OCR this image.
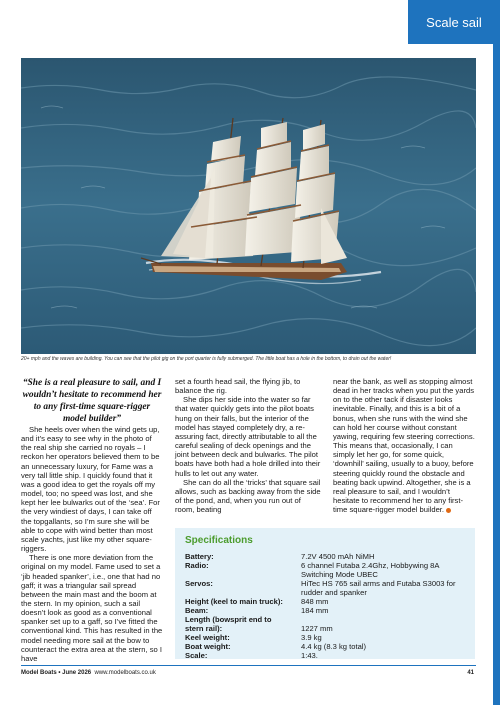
Scale sail
20+ mph and the waves are building. You can see that the pilot gig on the port quarter is fully submerged. The little boat has a hole in the bottom, to drain out the water!

“She is a real pleasure to sail, and I wouldn’t hesitate to recommend her to any first-time square-rigger model builder”

She heels over when the wind gets up, and it’s easy to see why in the photo of the real ship she carried no royals – I reckon her operators believed them to be an unnecessary luxury, for Fame was a very tall little ship. I quickly found that it was a good idea to get the royals off my model, too; no speed was lost, and she kept her lee bulwarks out of the ‘sea’. For the very windiest of days, I can take off the topgallants, so I’m sure she will be able to cope with wind better than most scale yachts, just like my other square-riggers.

There is one more deviation from the original on my model. Fame used to set a ‘jib headed spanker’, i.e., one that had no gaff; it was a triangular sail spread between the main mast and the boom at the stern. In my opinion, such a sail doesn’t look as good as a conventional spanker set up to a gaff, so I’ve fitted the conventional kind. This has resulted in the model needing more sail at the bow to counteract the extra area at the stern, so I have

set a fourth head sail, the flying jib, to balance the rig.

She dips her side into the water so far that water quickly gets into the pilot boats hung on their falls, but the interior of the model has stayed completely dry, a re-assuring fact, directly attributable to all the careful sealing of deck openings and the joint between deck and bulwarks. The pilot boats have both had a hole drilled into their hulls to let out any water.

She can do all the ‘tricks’ that square sail allows, such as backing away from the side of the pond, and, when you run out of room, beating

near the bank, as well as stopping almost dead in her tracks when you put the yards on to the other tack if disaster looks inevitable. Finally, and this is a bit of a bonus, when she runs with the wind she can hold her course without constant yawing, requiring few steering corrections. This means that, occasionally, I can simply let her go, for some quick, ‘downhill’ sailing, usually to a buoy, before steering quickly round the obstacle and beating back upwind. Altogether, she is a real pleasure to sail, and I wouldn’t hesitate to recommend her to any first-time square-rigger model builder.

Specifications
Battery:	7.2V 4500 mAh NiMH
Radio:	6 channel Futaba 2.4Ghz, Hobbywing 8A Switching Mode UBEC
Servos:	HiTec HS 765 sail arms and Futaba S3003 for rudder and spanker
Height (keel to main truck):	848 mm
Beam:	184 mm
Length (bowsprit end to stern rail):	1227 mm
Keel weight:	3.9 kg
Boat weight:	4.4 kg (8.3 kg total)
Scale:	1:43.
Model Boats • June 2026 www.modelboats.co.uk	41
